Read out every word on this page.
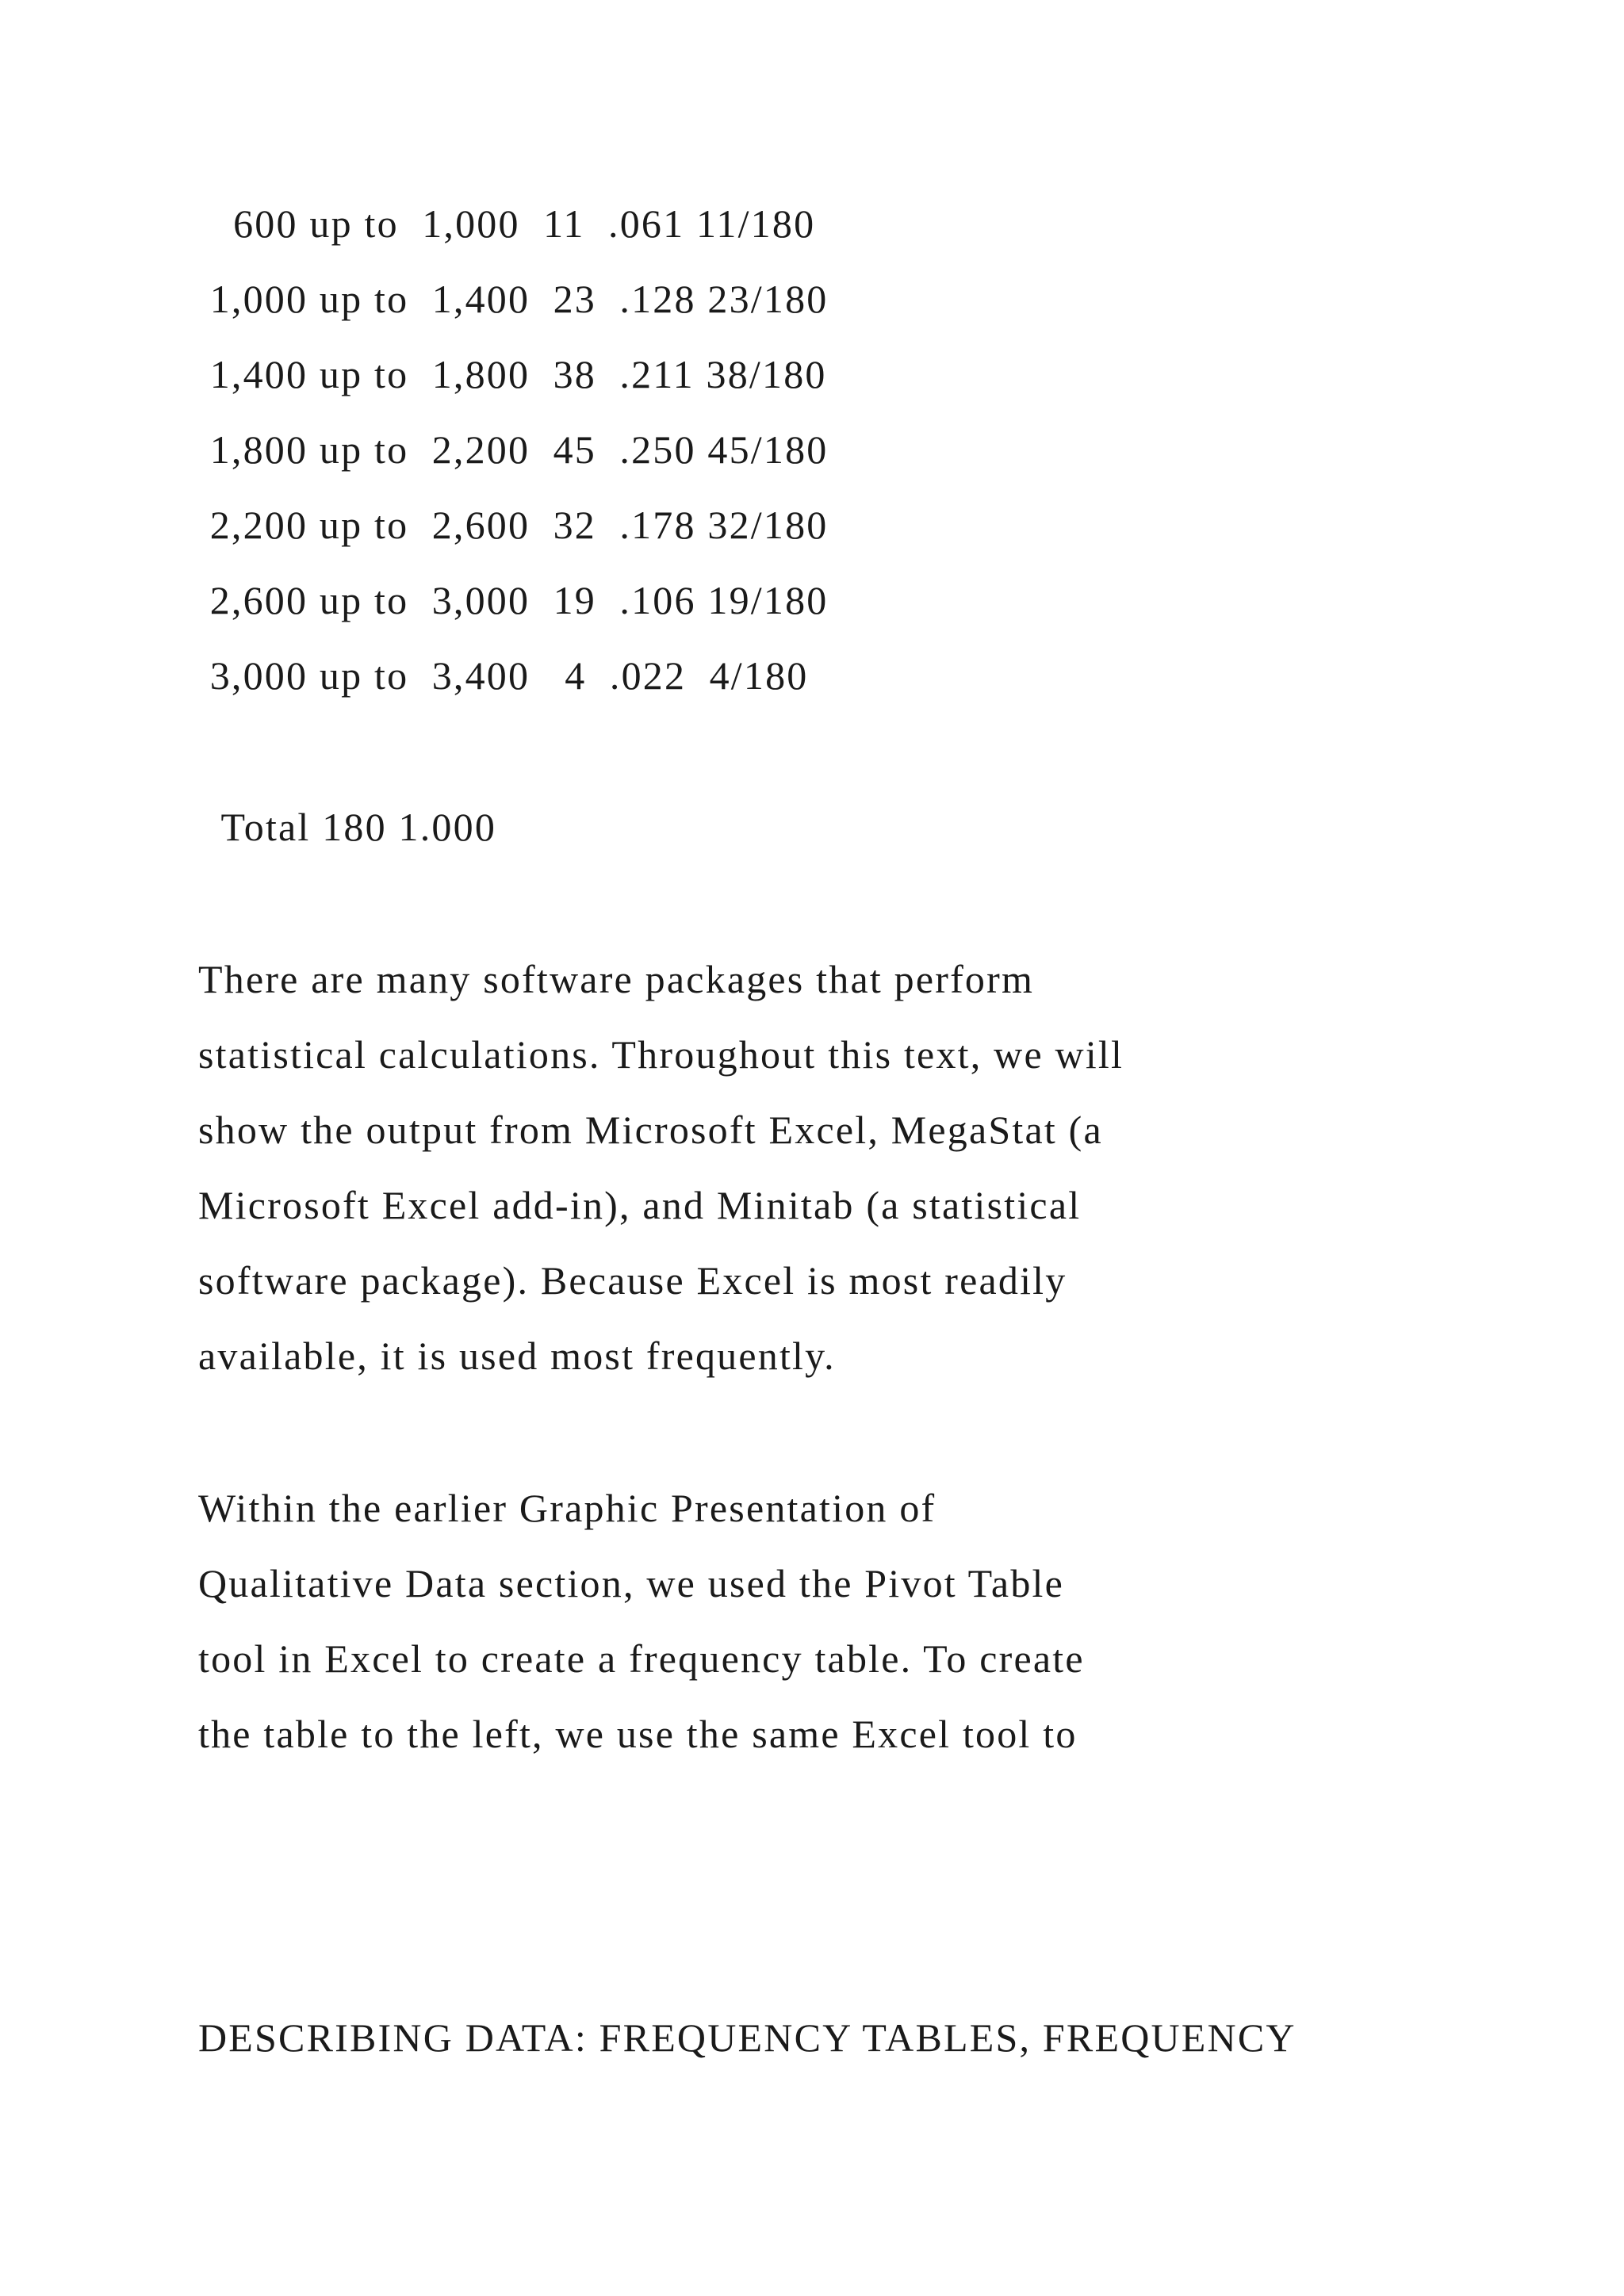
600 up to  1,000  11  .061 11/180
1,000 up to  1,400  23  .128 23/180
1,400 up to  1,800  38  .211 38/180
1,800 up to  2,200  45  .250 45/180
2,200 up to  2,600  32  .178 32/180
2,600 up to  3,000  19  .106 19/180
3,000 up to  3,400   4  .022  4/180
Total 180 1.000
There are many software packages that perform
statistical calculations. Throughout this text, we will
show the output from Microsoft Excel, MegaStat (a
Microsoft Excel add-in), and Minitab (a statistical
software package). Because Excel is most readily
available, it is used most frequently.
Within the earlier Graphic Presentation of
Qualitative Data section, we used the Pivot Table
tool in Excel to create a frequency table. To create
the table to the left, we use the same Excel tool to
DESCRIBING DATA: FREQUENCY TABLES, FREQUENCY
